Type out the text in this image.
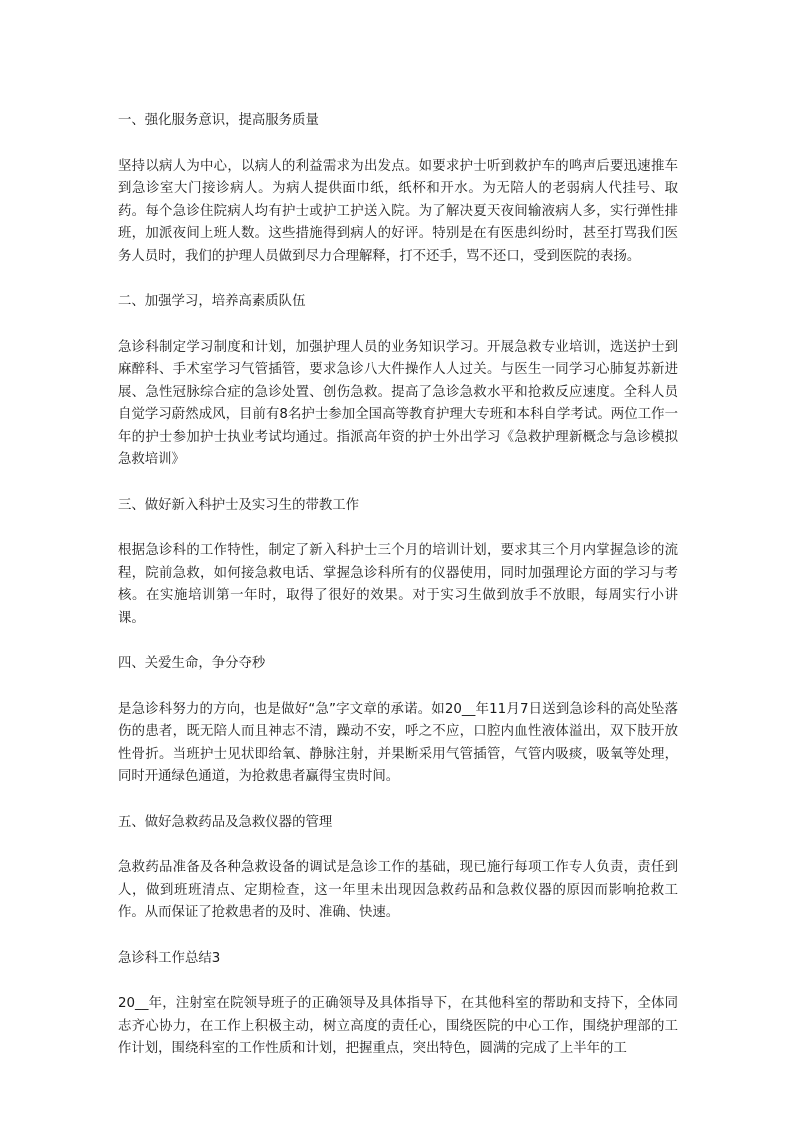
一、强化服务意识，提高服务质量

坚持以病人为中心，以病人的利益需求为出发点。如要求护士听到救护车的鸣声后要迅速推车到急诊室大门接诊病人。为病人提供面巾纸，纸杯和开水。为无陪人的老弱病人代挂号、取药。每个急诊住院病人均有护士或护工护送入院。为了解决夏天夜间输液病人多，实行弹性排班，加派夜间上班人数。这些措施得到病人的好评。特别是在有医患纠纷时，甚至打骂我们医务人员时，我们的护理人员做到尽力合理解释，打不还手，骂不还口，受到医院的表扬。

二、加强学习，培养高素质队伍

急诊科制定学习制度和计划，加强护理人员的业务知识学习。开展急救专业培训，选送护士到麻醉科、手术室学习气管插管，要求急诊八大件操作人人过关。与医生一同学习心肺复苏新进展、急性冠脉综合症的急诊处置、创伤急救。提高了急诊急救水平和抢救反应速度。全科人员自觉学习蔚然成风，目前有8名护士参加全国高等教育护理大专班和本科自学考试。两位工作一年的护士参加护士执业考试均通过。指派高年资的护士外出学习《急救护理新概念与急诊模拟急救培训》

三、做好新入科护士及实习生的带教工作

根据急诊科的工作特性，制定了新入科护士三个月的培训计划，要求其三个月内掌握急诊的流程，院前急救，如何接急救电话、掌握急诊科所有的仪器使用，同时加强理论方面的学习与考核。在实施培训第一年时，取得了很好的效果。对于实习生做到放手不放眼，每周实行小讲课。

四、关爱生命，争分夺秒

是急诊科努力的方向，也是做好“急”字文章的承诺。如20__年11月7日送到急诊科的高处坠落伤的患者，既无陪人而且神志不清，躁动不安，呼之不应，口腔内血性液体溢出，双下肢开放性骨折。当班护士见状即给氧、静脉注射，并果断采用气管插管，气管内吸痰，吸氧等处理，同时开通绿色通道，为抢救患者赢得宝贵时间。

五、做好急救药品及急救仪器的管理

急救药品准备及各种急救设备的调试是急诊工作的基础，现已施行每项工作专人负责，责任到人，做到班班清点、定期检查，这一年里未出现因急救药品和急救仪器的原因而影响抢救工作。从而保证了抢救患者的及时、准确、快速。

急诊科工作总结3

20__年，注射室在院领导班子的正确领导及具体指导下，在其他科室的帮助和支持下，全体同志齐心协力，在工作上积极主动，树立高度的责任心，围绕医院的中心工作，围绕护理部的工作计划，围绕科室的工作性质和计划，把握重点，突出特色，圆满的完成了上半年的工
